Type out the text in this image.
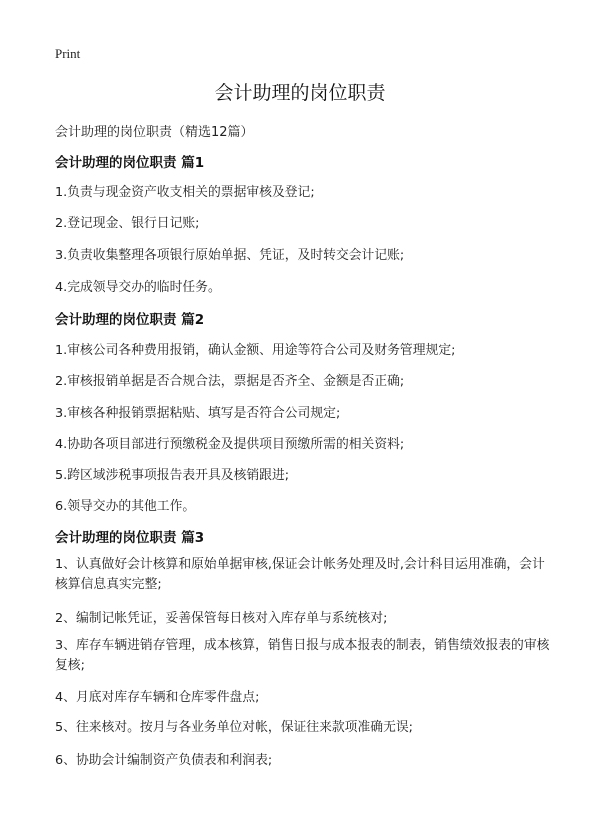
Print
会计助理的岗位职责
会计助理的岗位职责（精选12篇）
会计助理的岗位职责 篇1
1.负责与现金资产收支相关的票据审核及登记;
2.登记现金、银行日记账;
3.负责收集整理各项银行原始单据、凭证，及时转交会计记账;
4.完成领导交办的临时任务。
会计助理的岗位职责 篇2
1.审核公司各种费用报销，确认金额、用途等符合公司及财务管理规定;
2.审核报销单据是否合规合法，票据是否齐全、金额是否正确;
3.审核各种报销票据粘贴、填写是否符合公司规定;
4.协助各项目部进行预缴税金及提供项目预缴所需的相关资料;
5.跨区域涉税事项报告表开具及核销跟进;
6.领导交办的其他工作。
会计助理的岗位职责 篇3
1、认真做好会计核算和原始单据审核,保证会计帐务处理及时,会计科目运用准确，会计核算信息真实完整;
2、编制记帐凭证，妥善保管每日核对入库存单与系统核对;
3、库存车辆进销存管理，成本核算，销售日报与成本报表的制表，销售绩效报表的审核复核;
4、月底对库存车辆和仓库零件盘点;
5、往来核对。按月与各业务单位对帐，保证往来款项准确无误;
6、协助会计编制资产负债表和利润表;
